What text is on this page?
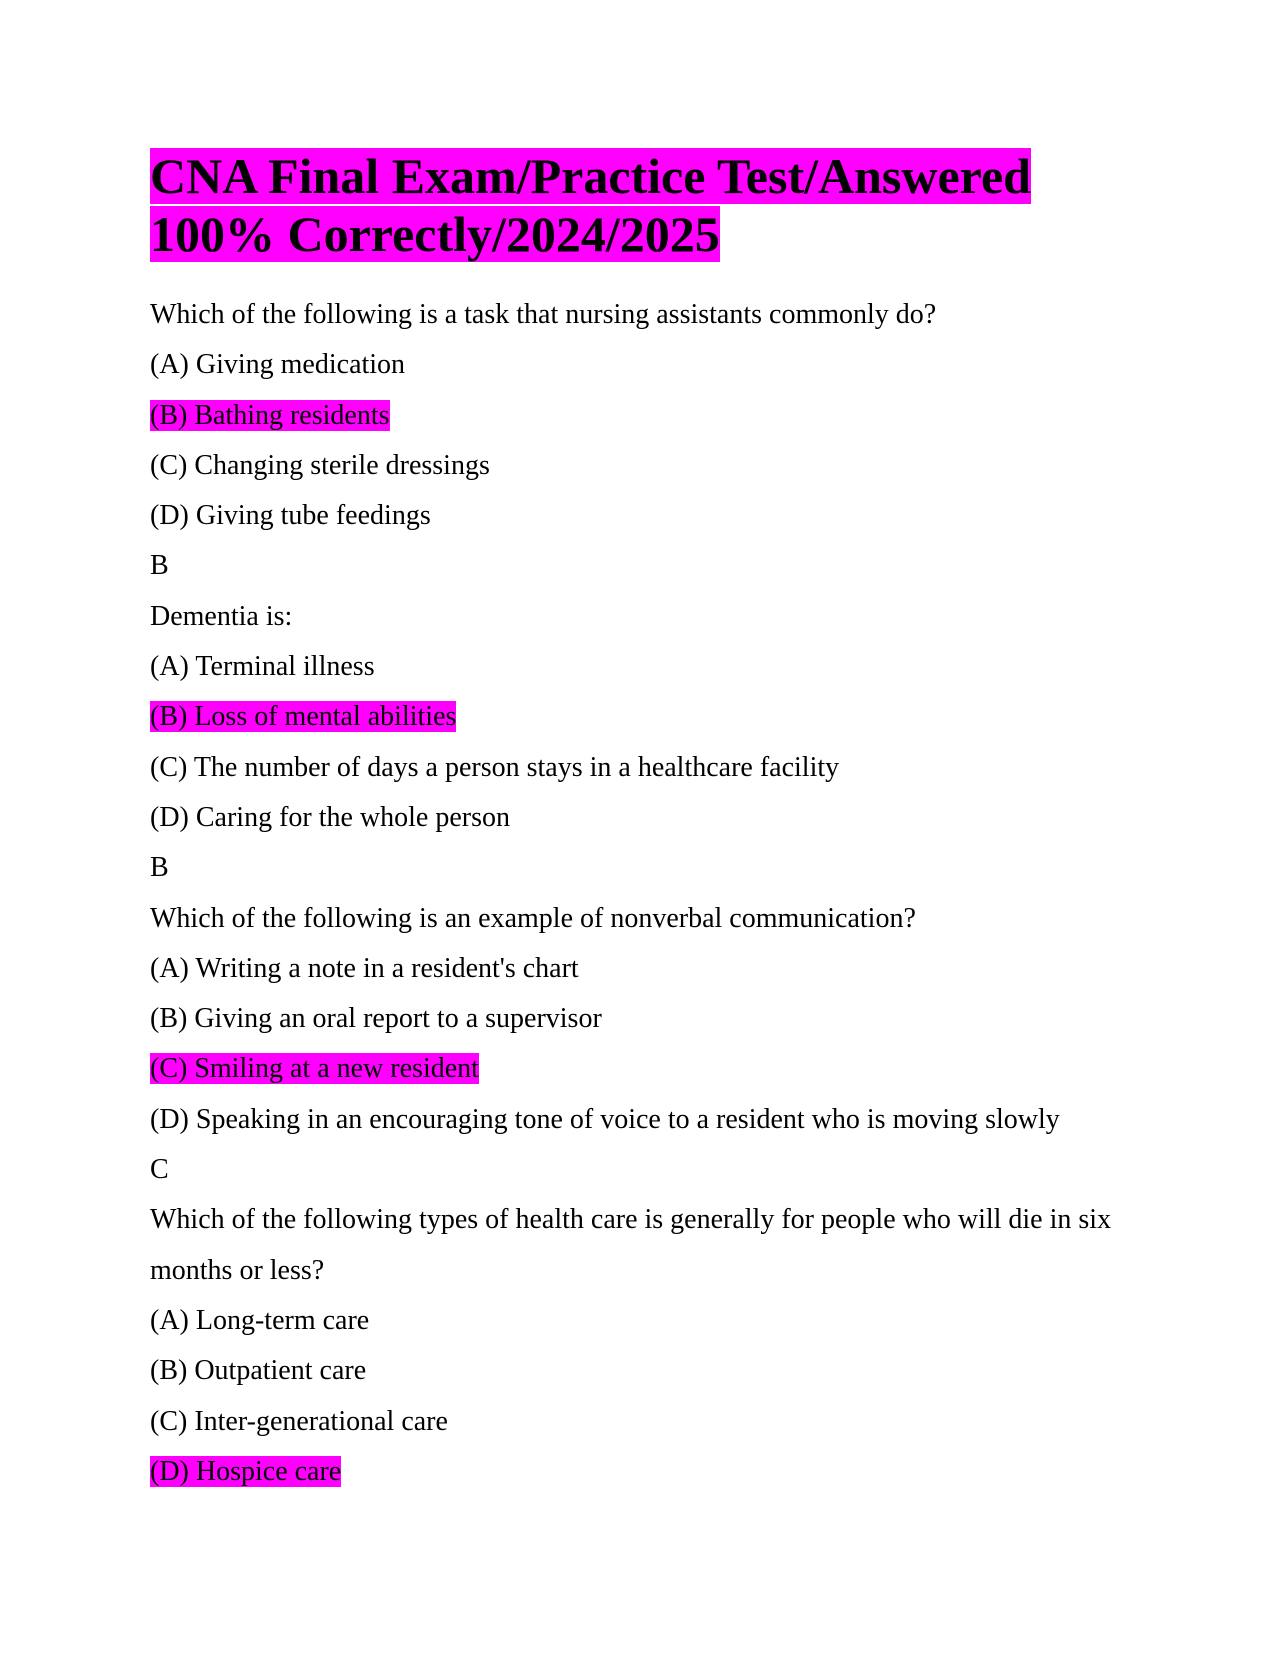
CNA Final Exam/Practice Test/Answered 100% Correctly/2024/2025
Which of the following is a task that nursing assistants commonly do?
(A) Giving medication
(B) Bathing residents
(C) Changing sterile dressings
(D) Giving tube feedings
B
Dementia is:
(A) Terminal illness
(B) Loss of mental abilities
(C) The number of days a person stays in a healthcare facility
(D) Caring for the whole person
B
Which of the following is an example of nonverbal communication?
(A) Writing a note in a resident's chart
(B) Giving an oral report to a supervisor
(C) Smiling at a new resident
(D) Speaking in an encouraging tone of voice to a resident who is moving slowly
C
Which of the following types of health care is generally for people who will die in six months or less?
(A) Long-term care
(B) Outpatient care
(C) Inter-generational care
(D) Hospice care
